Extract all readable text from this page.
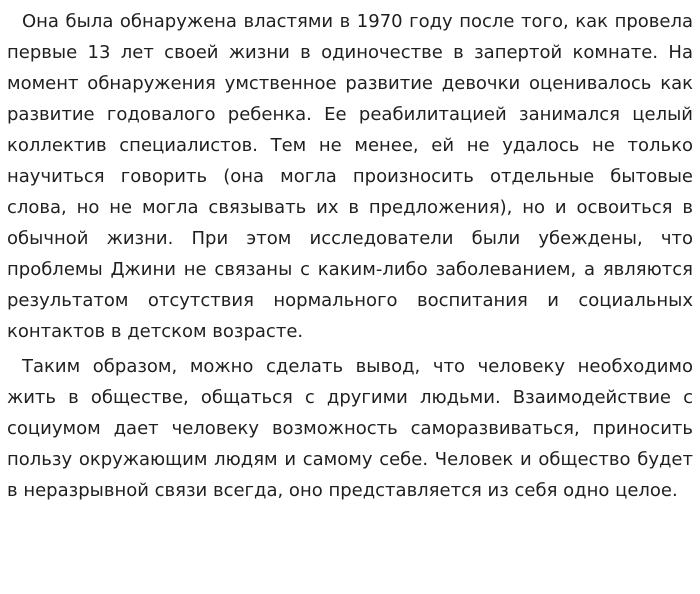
Она была обнаружена властями в 1970 году после того, как провела первые 13 лет своей жизни в одиночестве в запертой комнате. На момент обнаружения умственное развитие девочки оценивалось как развитие годовалого ребенка. Ее реабилитацией занимался целый коллектив специалистов. Тем не менее, ей не удалось не только научиться говорить (она могла произносить отдельные бытовые слова, но не могла связывать их в предложения), но и освоиться в обычной жизни. При этом исследователи были убеждены, что проблемы Джини не связаны с каким-либо заболеванием, а являются результатом отсутствия нормального воспитания и социальных контактов в детском возрасте.

Таким образом, можно сделать вывод, что человеку необходимо жить в обществе, общаться с другими людьми. Взаимодействие с социумом дает человеку возможность саморазвиваться, приносить пользу окружающим людям и самому себе. Человек и общество будет в неразрывной связи всегда, оно представляется из себя одно целое.
